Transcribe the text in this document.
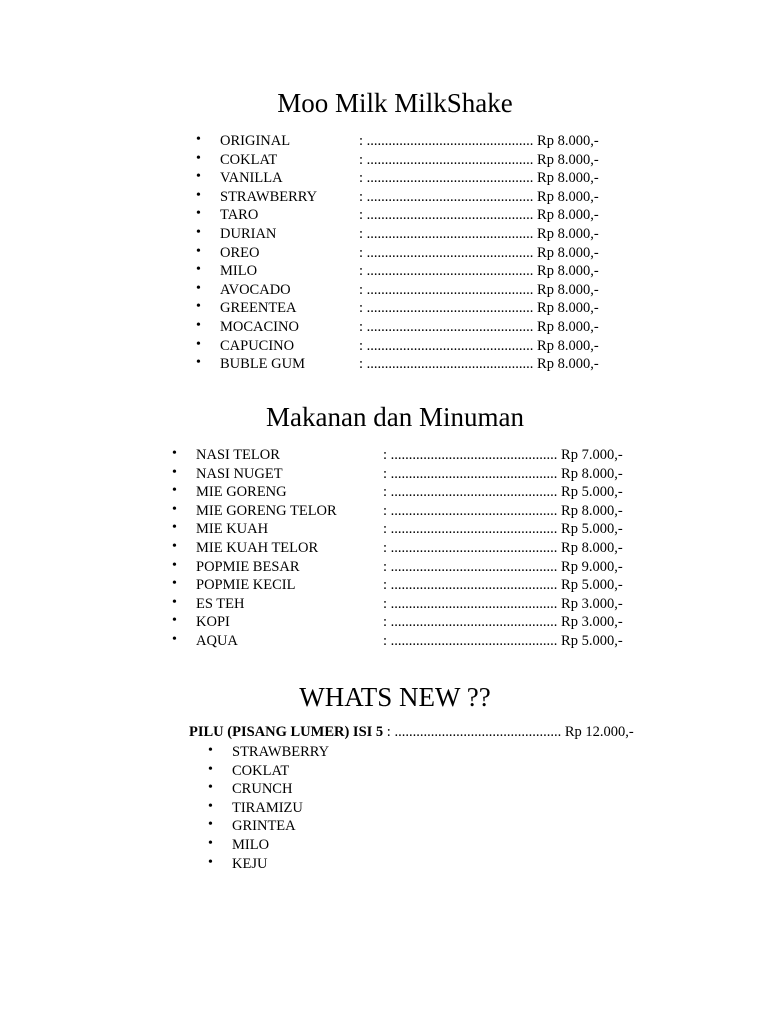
Moo Milk MilkShake
• ORIGINAL	: .............................................. Rp 8.000,-
• COKLAT	: .............................................. Rp 8.000,-
• VANILLA	: .............................................. Rp 8.000,-
• STRAWBERRY	: .............................................. Rp 8.000,-
• TARO	: .............................................. Rp 8.000,-
• DURIAN	: .............................................. Rp 8.000,-
• OREO	: .............................................. Rp 8.000,-
• MILO	: .............................................. Rp 8.000,-
• AVOCADO	: .............................................. Rp 8.000,-
• GREENTEA	: .............................................. Rp 8.000,-
• MOCACINO	: .............................................. Rp 8.000,-
• CAPUCINO	: .............................................. Rp 8.000,-
• BUBLE GUM	: .............................................. Rp 8.000,-
Makanan dan Minuman
• NASI TELOR	: .............................................. Rp 7.000,-
• NASI NUGET	: .............................................. Rp 8.000,-
• MIE GORENG	: .............................................. Rp 5.000,-
• MIE GORENG TELOR	: .............................................. Rp 8.000,-
• MIE KUAH	: .............................................. Rp 5.000,-
• MIE KUAH TELOR	: .............................................. Rp 8.000,-
• POPMIE BESAR	: .............................................. Rp 9.000,-
• POPMIE KECIL	: .............................................. Rp 5.000,-
• ES TEH	: .............................................. Rp 3.000,-
• KOPI	: .............................................. Rp 3.000,-
• AQUA	: .............................................. Rp 5.000,-
WHATS NEW ??
PILU (PISANG LUMER) ISI 5 : .............................................. Rp 12.000,-
• STRAWBERRY
• COKLAT
• CRUNCH
• TIRAMIZU
• GRINTEA
• MILO
• KEJU
